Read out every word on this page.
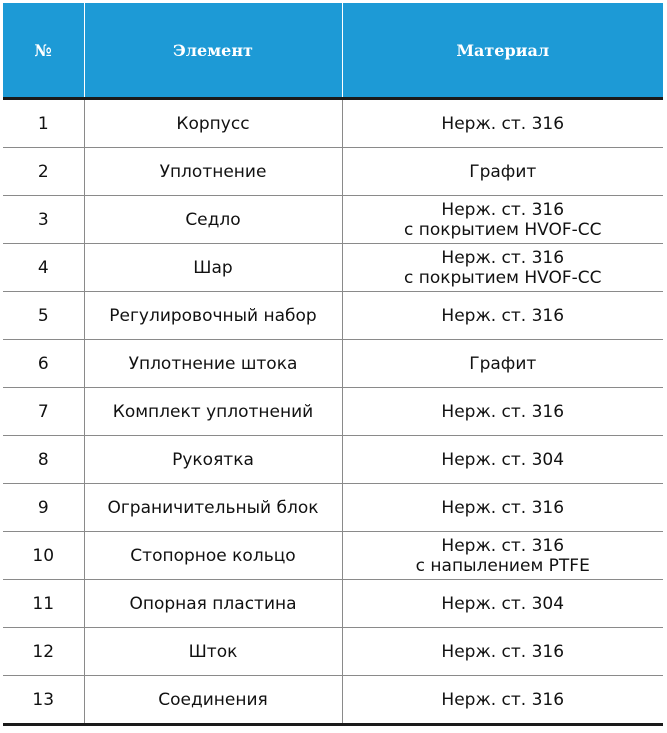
№	Элемент	Материал
1	Корпусс	Нерж. ст. 316

2	Уплотнение	Графит

3	Седло	Нерж. ст. 316
с покрытием HVOF-CC

4	Шар	Нерж. ст. 316
с покрытием HVOF-CC

5	Регулировочный набор	Нерж. ст. 316

6	Уплотнение штока	Графит

7	Комплект уплотнений	Нерж. ст. 316

8	Рукоятка	Нерж. ст. 304

9	Ограничительный блок	Нерж. ст. 316

10	Стопорное кольцо	Нерж. ст. 316
с напылением PTFE

11	Опорная пластина	Нерж. ст. 304

12	Шток	Нерж. ст. 316

13	Соединения	Нерж. ст. 316
